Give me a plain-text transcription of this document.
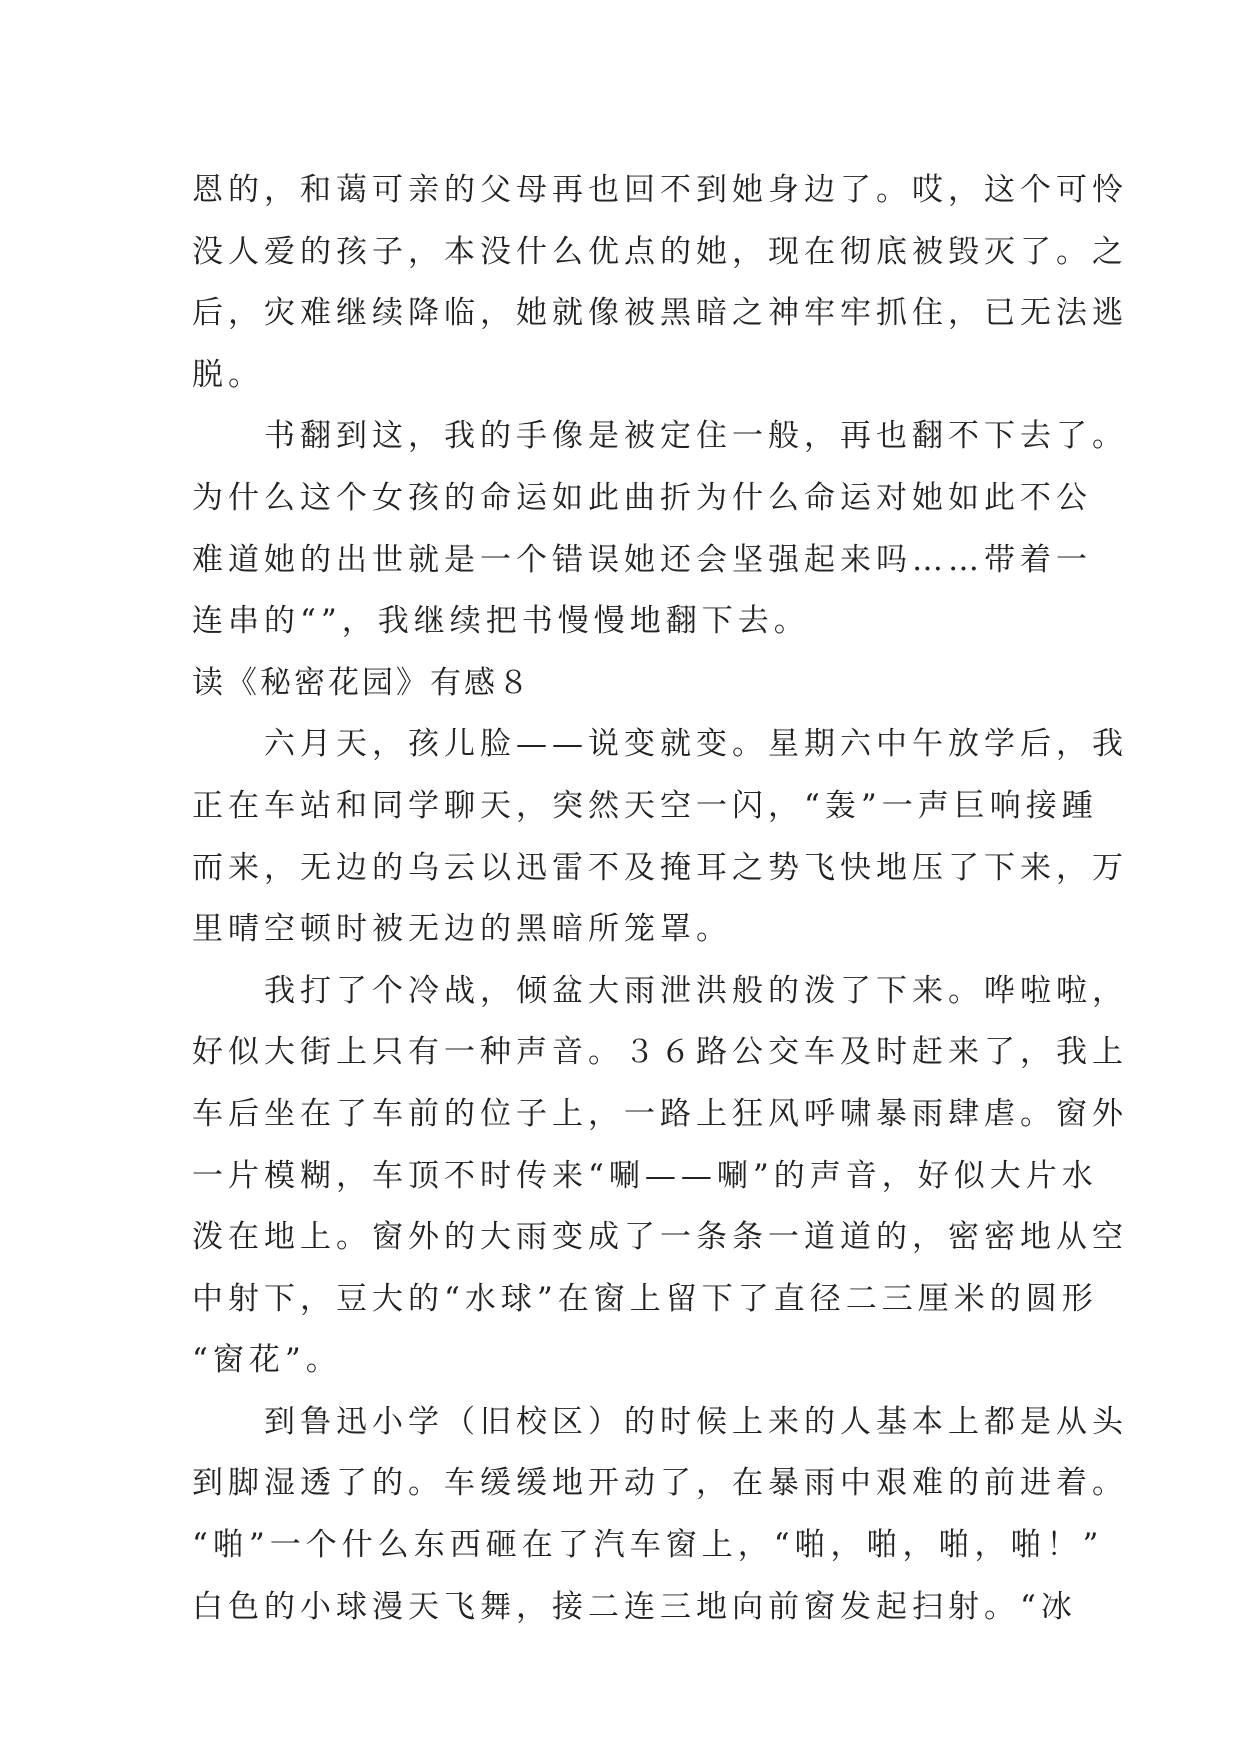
恩的，和蔼可亲的父母再也回不到她身边了。哎，这个可怜
没人爱的孩子，本没什么优点的她，现在彻底被毁灭了。之
后，灾难继续降临，她就像被黑暗之神牢牢抓住，已无法逃
脱。
　　书翻到这，我的手像是被定住一般，再也翻不下去了。
为什么这个女孩的命运如此曲折为什么命运对她如此不公
难道她的出世就是一个错误她还会坚强起来吗……带着一
连串的“”，我继续把书慢慢地翻下去。
读《秘密花园》有感８
　　六月天，孩儿脸——说变就变。星期六中午放学后，我
正在车站和同学聊天，突然天空一闪，“轰”一声巨响接踵
而来，无边的乌云以迅雷不及掩耳之势飞快地压了下来，万
里晴空顿时被无边的黑暗所笼罩。
　　我打了个冷战，倾盆大雨泄洪般的泼了下来。哗啦啦，
好似大街上只有一种声音。３６路公交车及时赶来了，我上
车后坐在了车前的位子上，一路上狂风呼啸暴雨肆虐。窗外
一片模糊，车顶不时传来“唰——唰”的声音，好似大片水
泼在地上。窗外的大雨变成了一条条一道道的，密密地从空
中射下，豆大的“水球”在窗上留下了直径二三厘米的圆形
“窗花”。
　　到鲁迅小学（旧校区）的时候上来的人基本上都是从头
到脚湿透了的。车缓缓地开动了，在暴雨中艰难的前进着。
“啪”一个什么东西砸在了汽车窗上，“啪，啪，啪，啪！”
白色的小球漫天飞舞，接二连三地向前窗发起扫射。“冰
